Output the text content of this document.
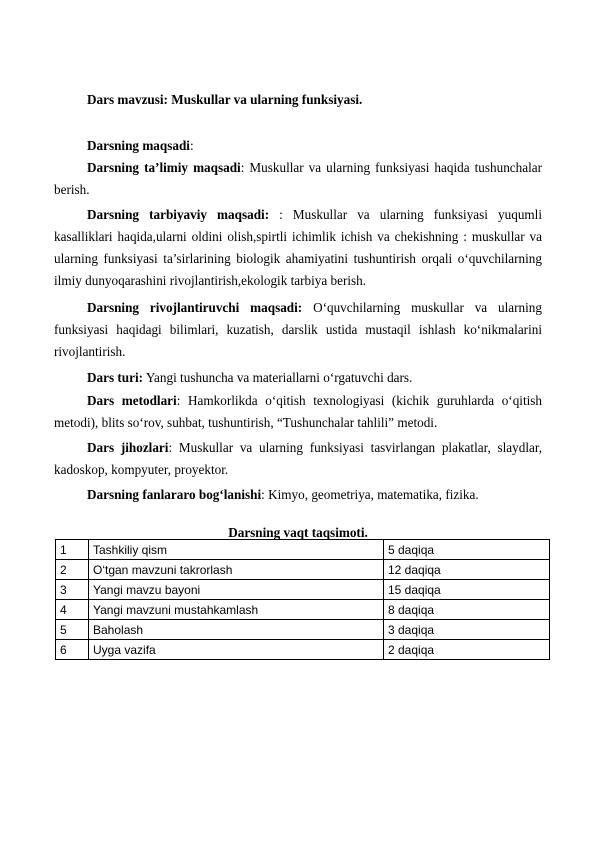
Dars mavzusi: Muskullar va ularning funksiyasi.

Darsning maqsadi:

Darsning ta’limiy maqsadi: Muskullar va ularning funksiyasi haqida tushunchalar berish.

Darsning tarbiyaviy maqsadi: : Muskullar va ularning funksiyasi yuqumli kasalliklari haqida,ularni oldini olish,spirtli ichimlik ichish va chekishning : muskullar va ularning funksiyasi ta’sirlarining biologik ahamiyatini tushuntirish orqali o‘quvchilarning ilmiy dunyoqarashini rivojlantirish,ekologik tarbiya berish.

Darsning rivojlantiruvchi maqsadi: O‘quvchilarning muskullar va ularning funksiyasi haqidagi bilimlari, kuzatish, darslik ustida mustaqil ishlash ko‘nikmalarini rivojlantirish.

Dars turi: Yangi tushuncha va materiallarni o‘rgatuvchi dars.

Dars metodlari: Hamkorlikda o‘qitish texnologiyasi (kichik guruhlarda o‘qitish metodi), blits so‘rov, suhbat, tushuntirish, “Tushunchalar tahlili” metodi.

Dars jihozlari: Muskullar va ularning funksiyasi tasvirlangan plakatlar, slaydlar, kadoskop, kompyuter, proyektor.

Darsning fanlararo bog‘lanishi: Kimyo, geometriya, matematika, fizika.

Darsning vaqt taqsimoti.
1	Tashkiliy qism	5 daqiqa
2	O‘tgan mavzuni takrorlash	12 daqiqa
3	Yangi mavzu bayoni	15 daqiqa
4	Yangi mavzuni mustahkamlash	8 daqiqa
5	Baholash	3 daqiqa
6	Uyga vazifa	2 daqiqa
